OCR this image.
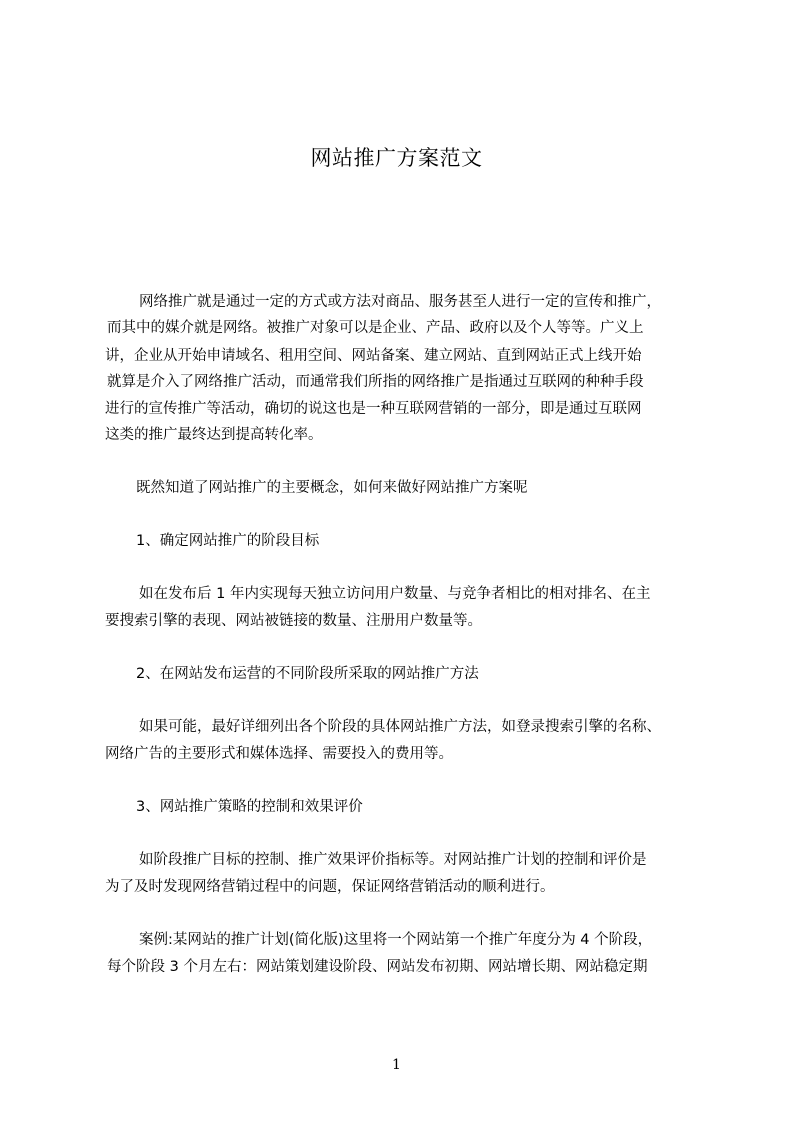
网站推广方案范文
网络推广就是通过一定的方式或方法对商品、服务甚至人进行一定的宣传和推广，
而其中的媒介就是网络。被推广对象可以是企业、产品、政府以及个人等等。广义上
讲，企业从开始申请域名、租用空间、网站备案、建立网站、直到网站正式上线开始
就算是介入了网络推广活动，而通常我们所指的网络推广是指通过互联网的种种手段
进行的宣传推广等活动，确切的说这也是一种互联网营销的一部分，即是通过互联网
这类的推广最终达到提高转化率。
既然知道了网站推广的主要概念，如何来做好网站推广方案呢
1、确定网站推广的阶段目标
如在发布后 1 年内实现每天独立访问用户数量、与竞争者相比的相对排名、在主
要搜索引擎的表现、网站被链接的数量、注册用户数量等。
2、在网站发布运营的不同阶段所采取的网站推广方法
如果可能，最好详细列出各个阶段的具体网站推广方法，如登录搜索引擎的名称、
网络广告的主要形式和媒体选择、需要投入的费用等。
3、网站推广策略的控制和效果评价
如阶段推广目标的控制、推广效果评价指标等。对网站推广计划的控制和评价是
为了及时发现网络营销过程中的问题，保证网络营销活动的顺利进行。
案例:某网站的推广计划(简化版)这里将一个网站第一个推广年度分为 4 个阶段，
每个阶段 3 个月左右：网站策划建设阶段、网站发布初期、网站增长期、网站稳定期
1
